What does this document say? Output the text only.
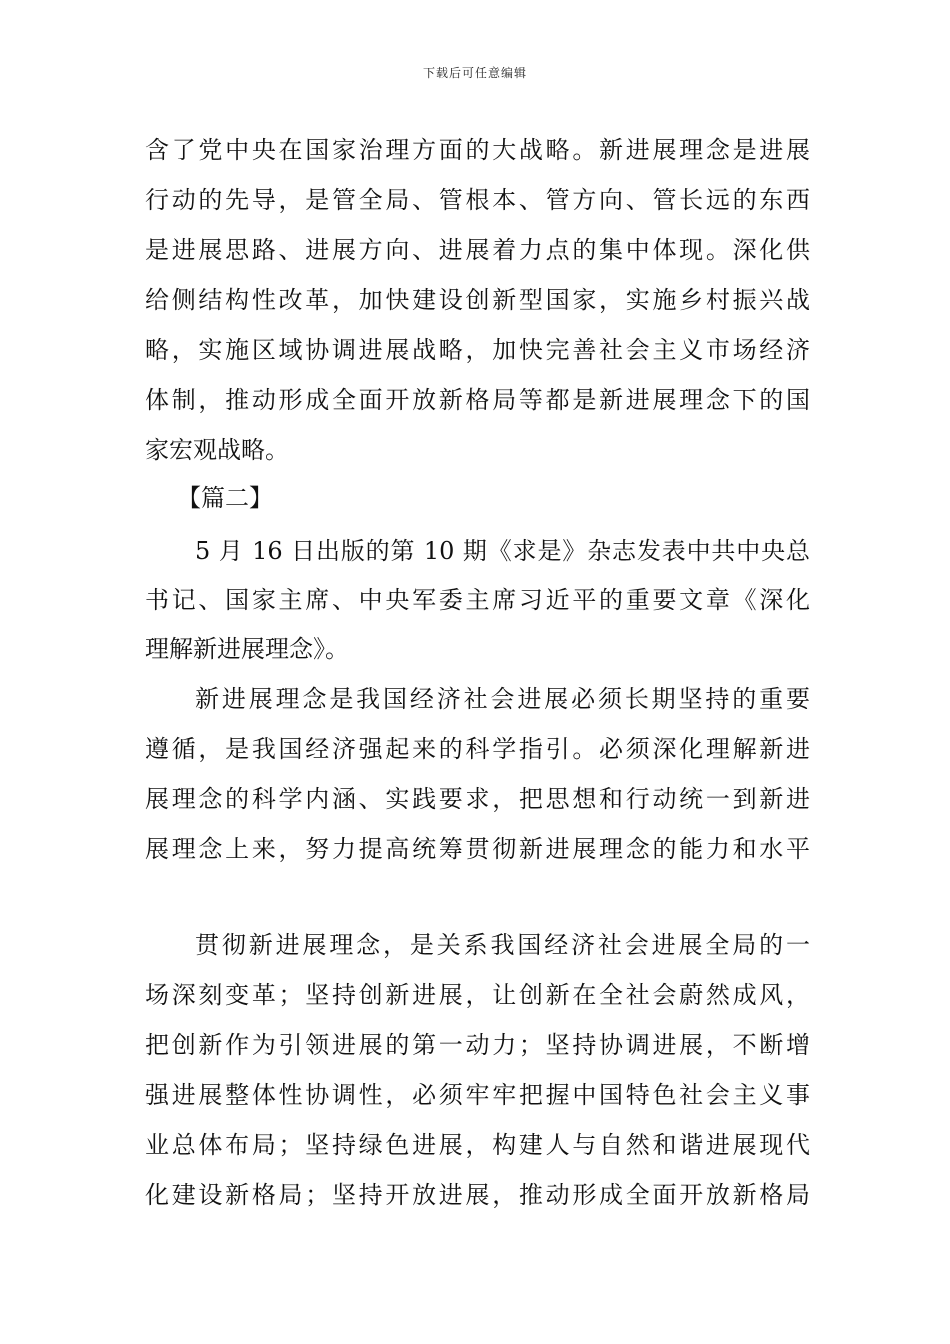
下载后可任意编辑
含了党中央在国家治理方面的大战略。新进展理念是进展
行动的先导，是管全局、管根本、管方向、管长远的东西
是进展思路、进展方向、进展着力点的集中体现。深化供
给侧结构性改革，加快建设创新型国家，实施乡村振兴战
略，实施区域协调进展战略，加快完善社会主义市场经济
体制，推动形成全面开放新格局等都是新进展理念下的国
家宏观战略。
【篇二】
5 月 16 日出版的第 10 期《求是》杂志发表中共中央总
书记、国家主席、中央军委主席习近平的重要文章《深化
理解新进展理念》。
新进展理念是我国经济社会进展必须长期坚持的重要
遵循，是我国经济强起来的科学指引。必须深化理解新进
展理念的科学内涵、实践要求，把思想和行动统一到新进
展理念上来，努力提高统筹贯彻新进展理念的能力和水平
贯彻新进展理念，是关系我国经济社会进展全局的一
场深刻变革；坚持创新进展，让创新在全社会蔚然成风，
把创新作为引领进展的第一动力；坚持协调进展，不断增
强进展整体性协调性，必须牢牢把握中国特色社会主义事
业总体布局；坚持绿色进展，构建人与自然和谐进展现代
化建设新格局；坚持开放进展，推动形成全面开放新格局
